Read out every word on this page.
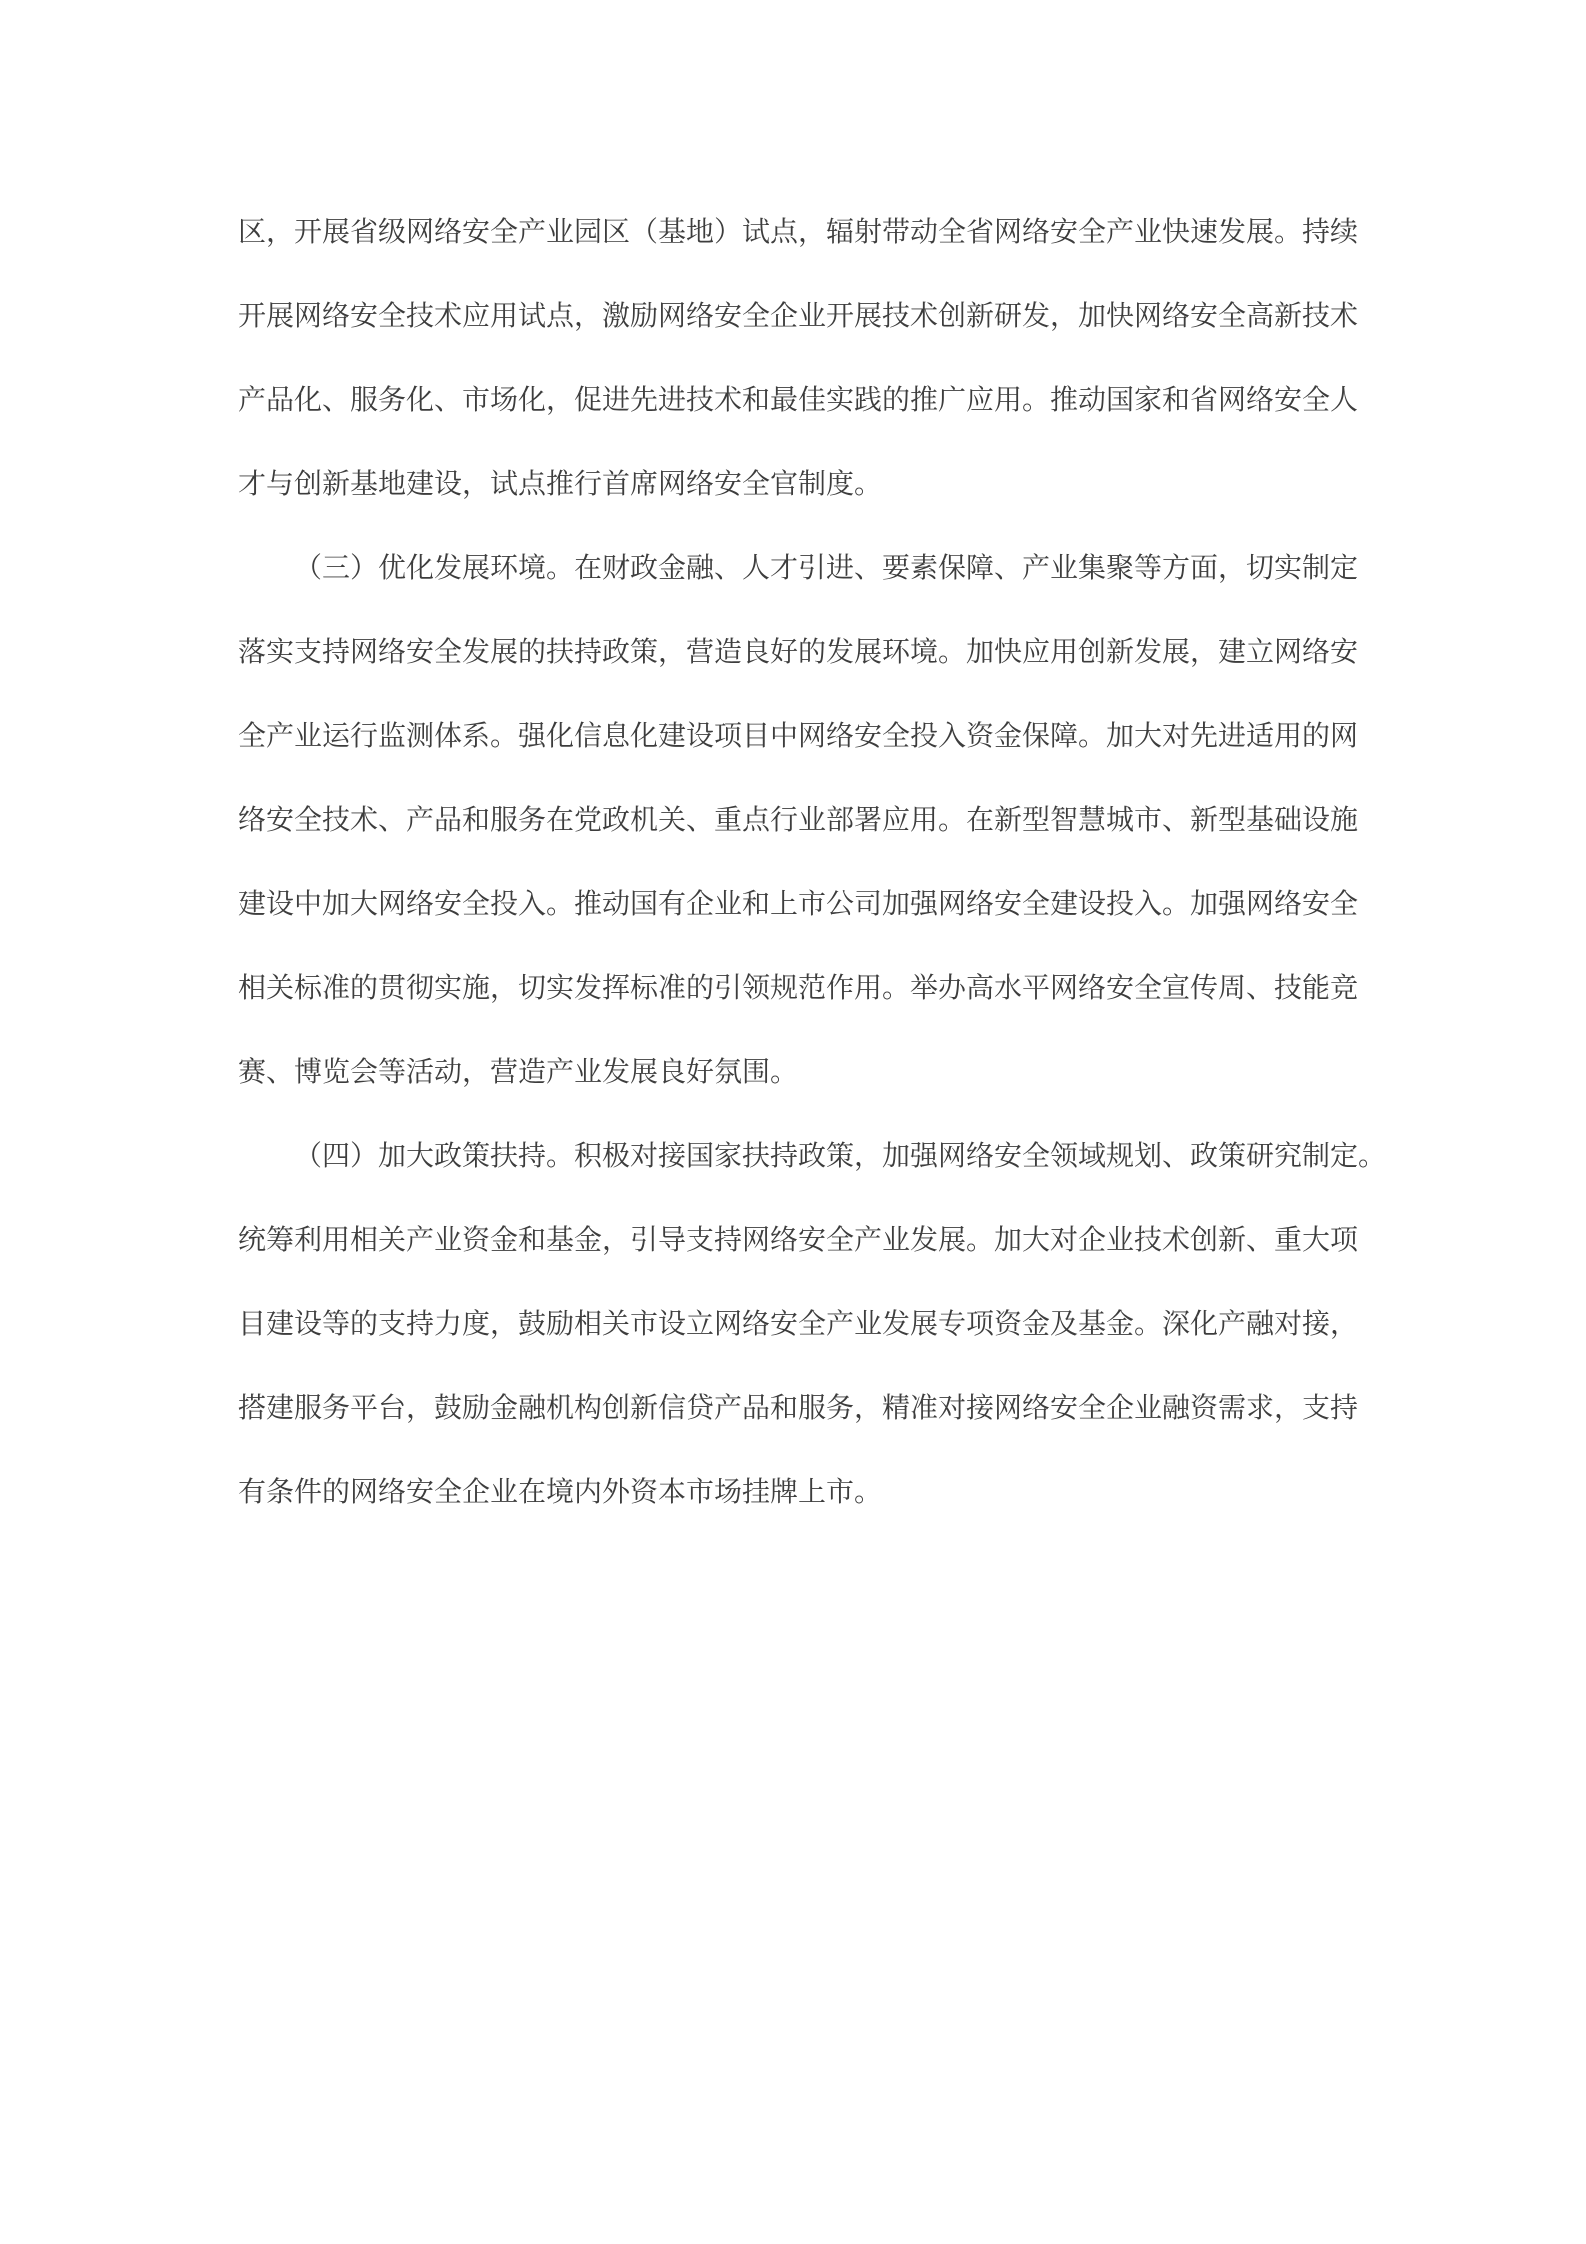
区，开展省级网络安全产业园区（基地）试点，辐射带动全省网络安全产业快速发展。持续
开展网络安全技术应用试点，激励网络安全企业开展技术创新研发，加快网络安全高新技术
产品化、服务化、市场化，促进先进技术和最佳实践的推广应用。推动国家和省网络安全人
才与创新基地建设，试点推行首席网络安全官制度。
（三）优化发展环境。在财政金融、人才引进、要素保障、产业集聚等方面，切实制定
落实支持网络安全发展的扶持政策，营造良好的发展环境。加快应用创新发展，建立网络安
全产业运行监测体系。强化信息化建设项目中网络安全投入资金保障。加大对先进适用的网
络安全技术、产品和服务在党政机关、重点行业部署应用。在新型智慧城市、新型基础设施
建设中加大网络安全投入。推动国有企业和上市公司加强网络安全建设投入。加强网络安全
相关标准的贯彻实施，切实发挥标准的引领规范作用。举办高水平网络安全宣传周、技能竞
赛、博览会等活动，营造产业发展良好氛围。
（四）加大政策扶持。积极对接国家扶持政策，加强网络安全领域规划、政策研究制定。
统筹利用相关产业资金和基金，引导支持网络安全产业发展。加大对企业技术创新、重大项
目建设等的支持力度，鼓励相关市设立网络安全产业发展专项资金及基金。深化产融对接，
搭建服务平台，鼓励金融机构创新信贷产品和服务，精准对接网络安全企业融资需求，支持
有条件的网络安全企业在境内外资本市场挂牌上市。
